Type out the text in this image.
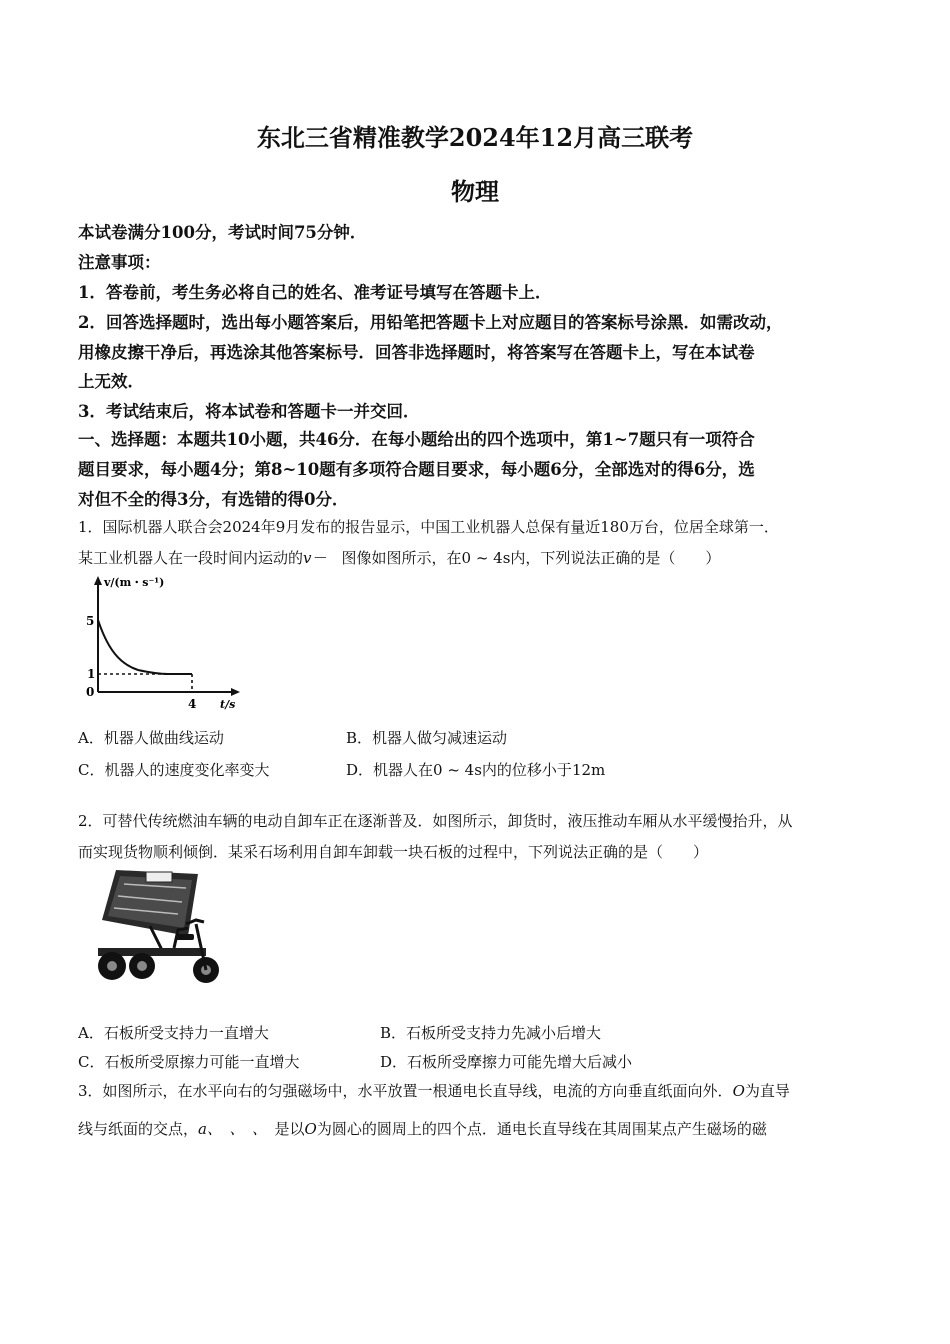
东北三省精准教学2024年12月高三联考
物理
本试卷满分100分，考试时间75分钟．
注意事项：
1．答卷前，考生务必将自己的姓名、准考证号填写在答题卡上．
2．回答选择题时，选出每小题答案后，用铅笔把答题卡上对应题目的答案标号涂黑．如需改动，
用橡皮擦干净后，再选涂其他答案标号．回答非选择题时，将答案写在答题卡上，写在本试卷
上无效．
3．考试结束后，将本试卷和答题卡一并交回．
一、选择题：本题共10小题，共46分．在每小题给出的四个选项中，第1~7题只有一项符合
题目要求，每小题4分；第8~10题有多项符合题目要求，每小题6分，全部选对的得6分，选
对但不全的得3分，有选错的得0分．
1．国际机器人联合会2024年9月发布的报告显示，中国工业机器人总保有量近180万台，位居全球第一．
某工业机器人在一段时间内运动的v－　 图像如图所示，在0 ~ 4s内，下列说法正确的是（　　）
v/(m・s⁻¹)
5
1
0
4 t/s
A．机器人做曲线运动	B．机器人做匀减速运动
C．机器人的速度变化率变大	D．机器人在0 ~ 4s内的位移小于12m
2．可替代传统燃油车辆的电动自卸车正在逐渐普及．如图所示，卸货时，液压推动车厢从水平缓慢抬升，从
而实现货物顺利倾倒．某采石场利用自卸车卸载一块石板的过程中，下列说法正确的是（　　）
A．石板所受支持力一直增大	B．石板所受支持力先减小后增大
C．石板所受原擦力可能一直增大	D．石板所受摩擦力可能先增大后减小
3．如图所示，在水平向右的匀强磁场中，水平放置一根通电长直导线，电流的方向垂直纸面向外．O为直导
线与纸面的交点，a、　、　、　 是以O为圆心的圆周上的四个点．通电长直导线在其周围某点产生磁场的磁
